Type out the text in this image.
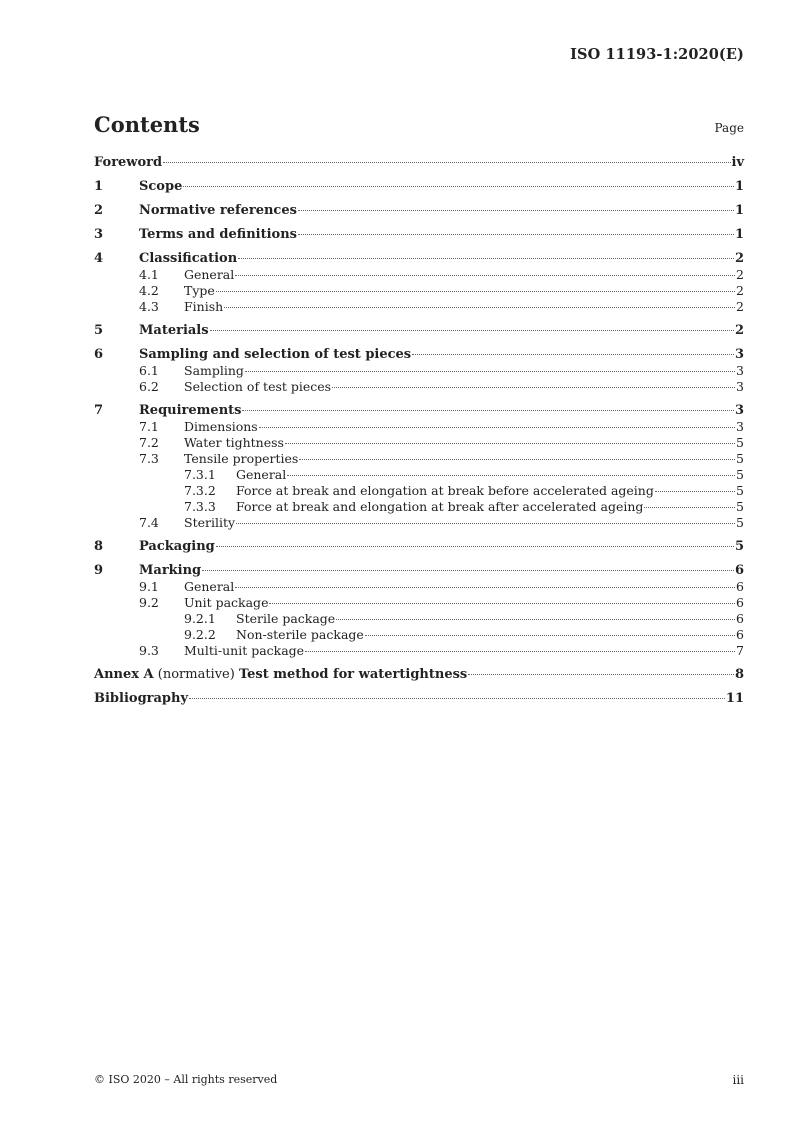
ISO 11193-1:2020(E)
Contents	Page
Foreword	iv
1	Scope	1
2	Normative references	1
3	Terms and definitions	1
4	Classification	2
4.1	General	2
4.2	Type	2
4.3	Finish	2
5	Materials	2
6	Sampling and selection of test pieces	3
6.1	Sampling	3
6.2	Selection of test pieces	3
7	Requirements	3
7.1	Dimensions	3
7.2	Water tightness	5
7.3	Tensile properties	5
7.3.1	General	5
7.3.2	Force at break and elongation at break before accelerated ageing	5
7.3.3	Force at break and elongation at break after accelerated ageing	5
7.4	Sterility	5
8	Packaging	5
9	Marking	6
9.1	General	6
9.2	Unit package	6
9.2.1	Sterile package	6
9.2.2	Non-sterile package	6
9.3	Multi-unit package	7
Annex A (normative) Test method for watertightness	8
Bibliography	11
© ISO 2020 – All rights reserved	iii
